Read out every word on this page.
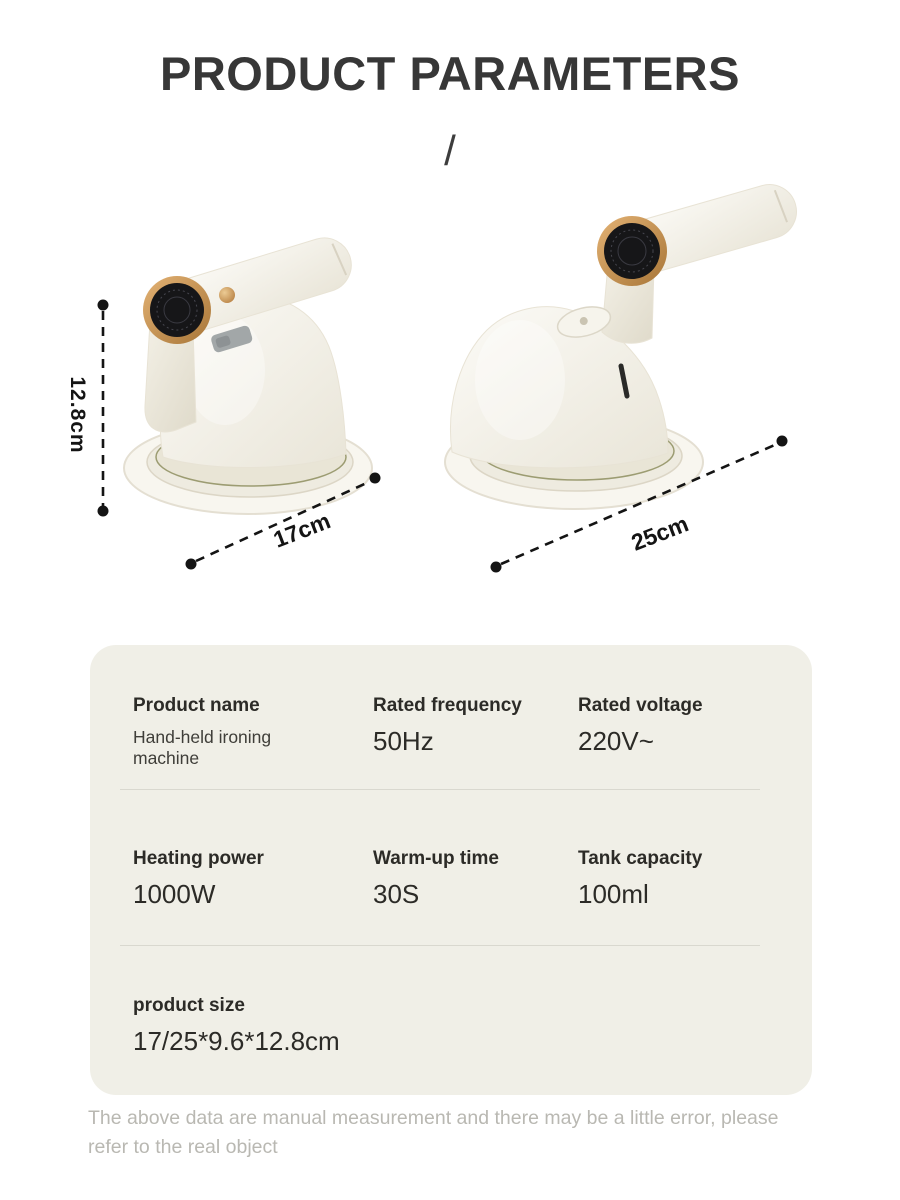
PRODUCT PARAMETERS
/
12.8cm
17cm	25cm
Product name
Hand-held ironing machine
Rated frequency
50Hz
Rated voltage
220V~
Heating power
1000W
Warm-up time
30S
Tank capacity
100ml
product size
17/25*9.6*12.8cm
The above data are manual measurement and there may be a little error, please refer to the real object
